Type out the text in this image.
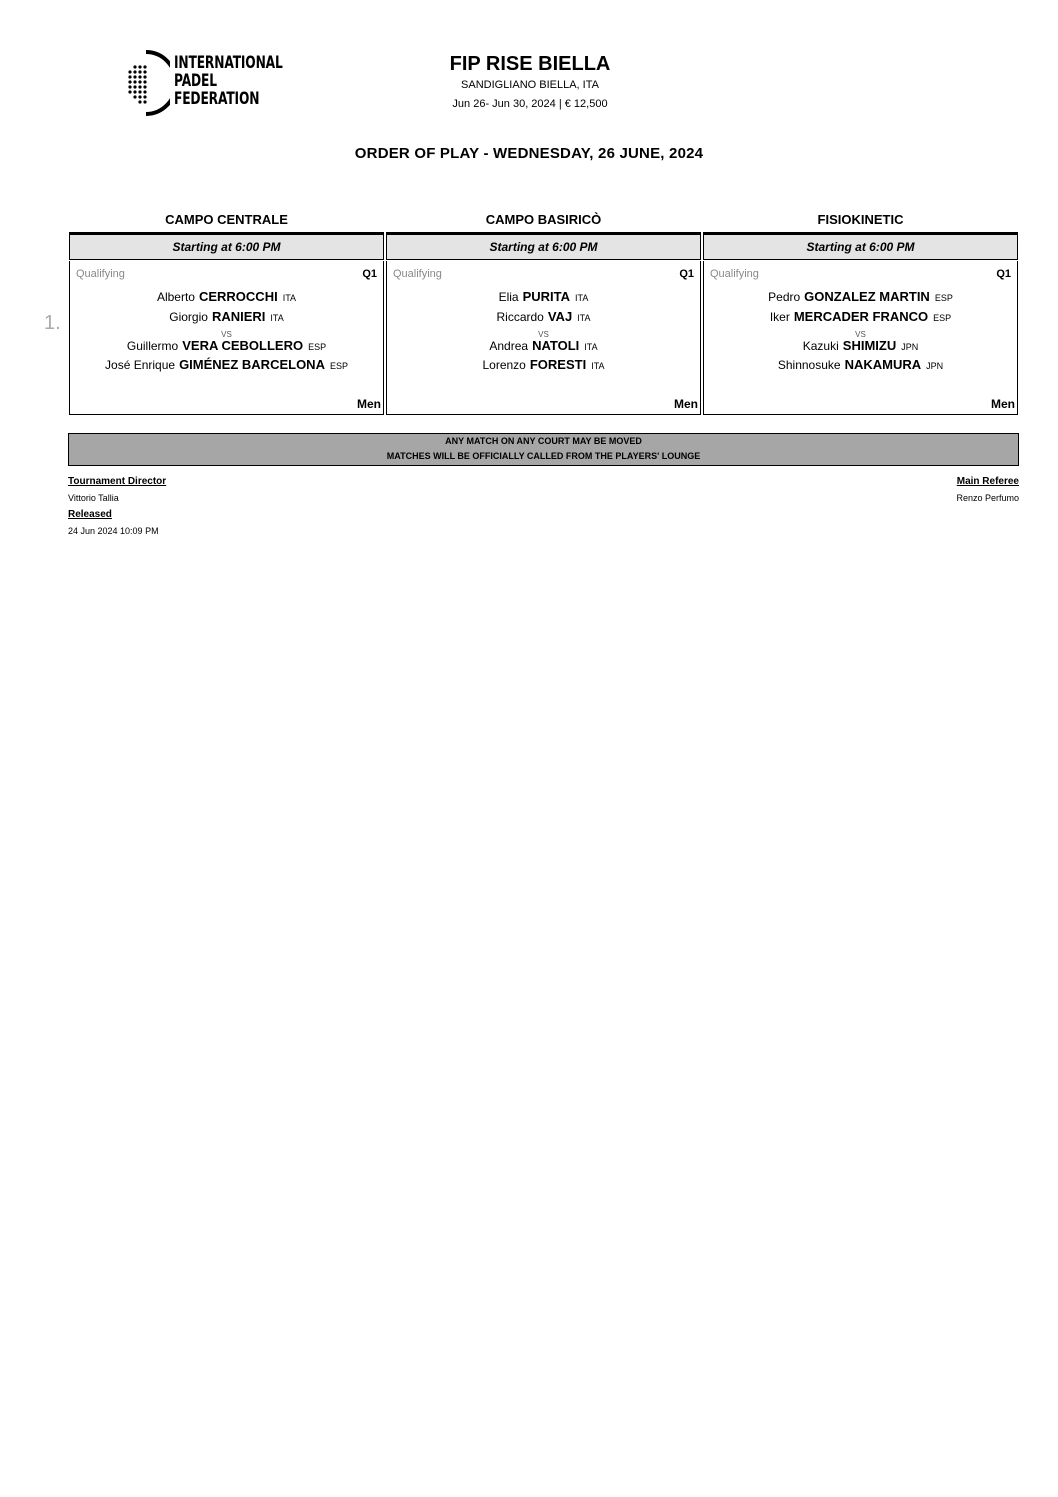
INTERNATIONAL
PADEL
FEDERATION
FIP RISE BIELLA
SANDIGLIANO BIELLA, ITA
Jun 26- Jun 30, 2024 | € 12,500
ORDER OF PLAY - WEDNESDAY, 26 JUNE, 2024
1.
CAMPO CENTRALE
Starting at 6:00 PM
Qualifying	Q1
Alberto CERROCCHI ITA
Giorgio RANIERI ITA
VS
Guillermo VERA CEBOLLERO ESP
José Enrique GIMÉNEZ BARCELONA ESP
Men
CAMPO BASIRICÒ
Starting at 6:00 PM
Qualifying	Q1
Elia PURITA ITA
Riccardo VAJ ITA
VS
Andrea NATOLI ITA
Lorenzo FORESTI ITA
Men
FISIOKINETIC
Starting at 6:00 PM
Qualifying	Q1
Pedro GONZALEZ MARTIN ESP
Iker MERCADER FRANCO ESP
VS
Kazuki SHIMIZU JPN
Shinnosuke NAKAMURA JPN
Men
ANY MATCH ON ANY COURT MAY BE MOVED
MATCHES WILL BE OFFICIALLY CALLED FROM THE PLAYERS' LOUNGE
Tournament Director
Vittorio Tallia
Main Referee
Renzo Perfumo
Released
24 Jun 2024 10:09 PM
